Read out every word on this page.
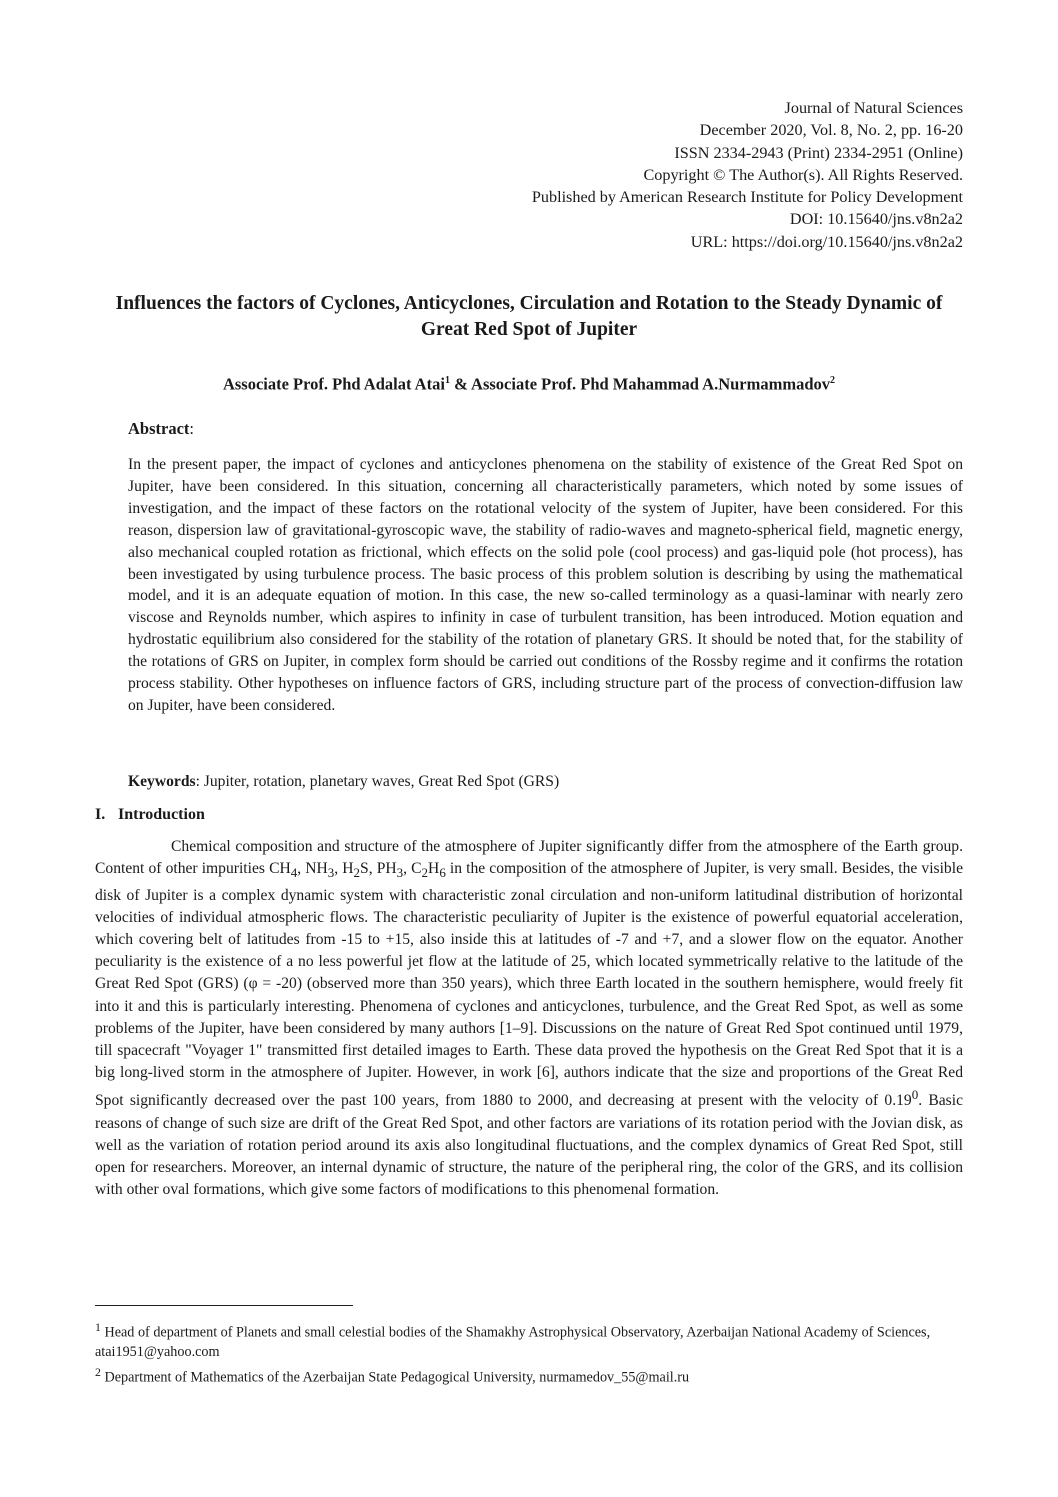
Journal of Natural Sciences
December 2020, Vol. 8, No. 2, pp. 16-20
ISSN 2334-2943 (Print) 2334-2951 (Online)
Copyright © The Author(s). All Rights Reserved.
Published by American Research Institute for Policy Development
DOI: 10.15640/jns.v8n2a2
URL: https://doi.org/10.15640/jns.v8n2a2
Influences the factors of Cyclones, Anticyclones, Circulation and Rotation to the Steady Dynamic of Great Red Spot of Jupiter
Associate Prof. Phd Adalat Atai$^1$ & Associate Prof. Phd Mahammad A.Nurmammadov$^2$
Abstract:
In the present paper, the impact of cyclones and anticyclones phenomena on the stability of existence of the Great Red Spot on Jupiter, have been considered. In this situation, concerning all characteristically parameters, which noted by some issues of investigation, and the impact of these factors on the rotational velocity of the system of Jupiter, have been considered. For this reason, dispersion law of gravitational-gyroscopic wave, the stability of radio-waves and magneto-spherical field, magnetic energy, also mechanical coupled rotation as frictional, which effects on the solid pole (cool process) and gas-liquid pole (hot process), has been investigated by using turbulence process. The basic process of this problem solution is describing by using the mathematical model, and it is an adequate equation of motion. In this case, the new so-called terminology as a quasi-laminar with nearly zero viscose and Reynolds number, which aspires to infinity in case of turbulent transition, has been introduced. Motion equation and hydrostatic equilibrium also considered for the stability of the rotation of planetary GRS. It should be noted that, for the stability of the rotations of GRS on Jupiter, in complex form should be carried out conditions of the Rossby regime and it confirms the rotation process stability. Other hypotheses on influence factors of GRS, including structure part of the process of convection-diffusion law on Jupiter, have been considered.
Keywords: Jupiter, rotation, planetary waves, Great Red Spot (GRS)
I. Introduction
Chemical composition and structure of the atmosphere of Jupiter significantly differ from the atmosphere of the Earth group. Content of other impurities $CH_4$, $NH_3$, $H_2S$, $PH_3$, $C_2H_6$ in the composition of the atmosphere of Jupiter, is very small. Besides, the visible disk of Jupiter is a complex dynamic system with characteristic zonal circulation and non-uniform latitudinal distribution of horizontal velocities of individual atmospheric flows. The characteristic peculiarity of Jupiter is the existence of powerful equatorial acceleration, which covering belt of latitudes from -15 to +15, also inside this at latitudes of -7 and +7, and a slower flow on the equator. Another peculiarity is the existence of a no less powerful jet flow at the latitude of 25, which located symmetrically relative to the latitude of the Great Red Spot (GRS) (φ = -20) (observed more than 350 years), which three Earth located in the southern hemisphere, would freely fit into it and this is particularly interesting. Phenomena of cyclones and anticyclones, turbulence, and the Great Red Spot, as well as some problems of the Jupiter, have been considered by many authors [1–9]. Discussions on the nature of Great Red Spot continued until 1979, till spacecraft "Voyager 1" transmitted first detailed images to Earth. These data proved the hypothesis on the Great Red Spot that it is a big long-lived storm in the atmosphere of Jupiter. However, in work [6], authors indicate that the size and proportions of the Great Red Spot significantly decreased over the past 100 years, from 1880 to 2000, and decreasing at present with the velocity of 0.19$^0$. Basic reasons of change of such size are drift of the Great Red Spot, and other factors are variations of its rotation period with the Jovian disk, as well as the variation of rotation period around its axis also longitudinal fluctuations, and the complex dynamics of Great Red Spot, still open for researchers. Moreover, an internal dynamic of structure, the nature of the peripheral ring, the color of the GRS, and its collision with other oval formations, which give some factors of modifications to this phenomenal formation.

$^1$ Head of department of Planets and small celestial bodies of the Shamakhy Astrophysical Observatory, Azerbaijan National Academy of Sciences, atai1951@yahoo.com

$^2$ Department of Mathematics of the Azerbaijan State Pedagogical University, nurmamedov_55@mail.ru
